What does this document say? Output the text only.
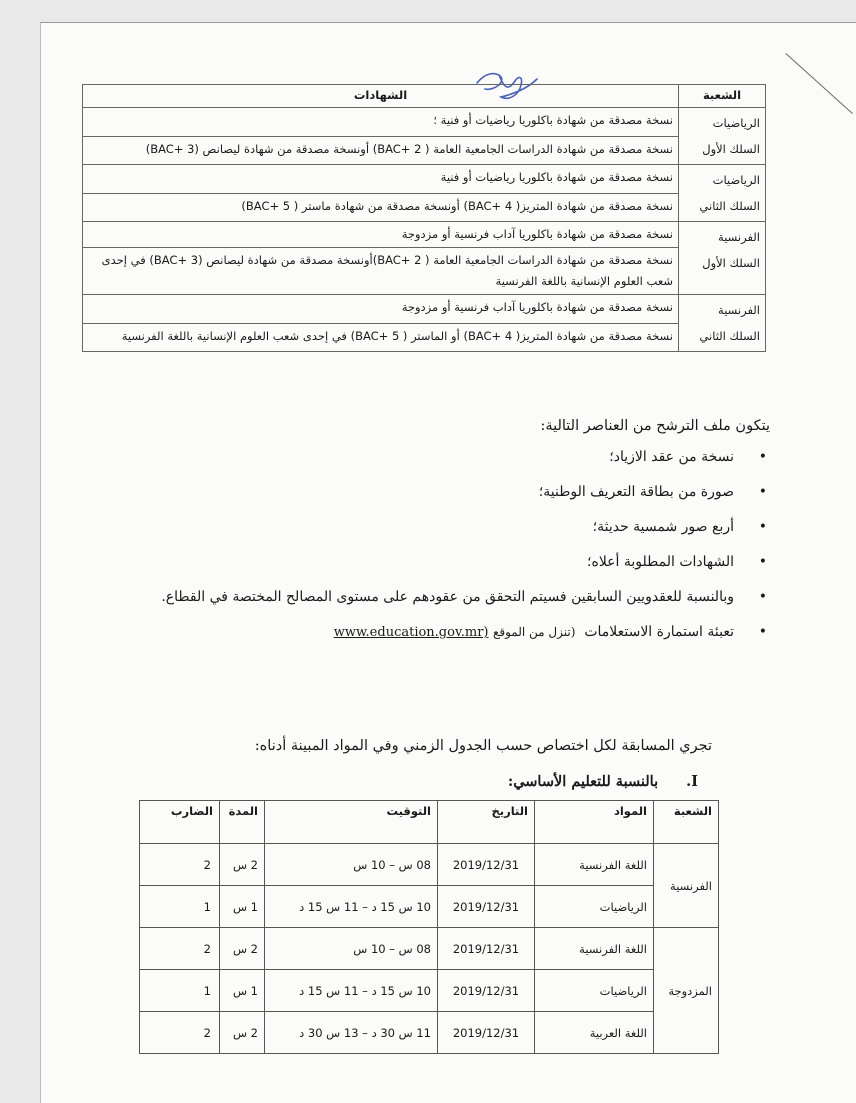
الشعبة	الشهادات
الرياضيات السلك الأول	نسخة مصدقة من شهادة باكلوريا رياضيات أو فنية ؛
	نسخة مصدقة من شهادة الدراسات الجامعية العامة ( BAC+ 2) أونسخة مصدقة من شهادة ليصانص (BAC+ 3)
الرياضيات السلك الثاني	نسخة مصدقة من شهادة باكلوريا رياضيات أو فنية
	نسخة مصدقة من شهادة المتريز( BAC+ 4) أونسخة مصدقة من شهادة ماستر ( BAC+ 5)
الفرنسية السلك الأول	نسخة مصدقة من شهادة باكلوريا آداب فرنسية أو مزدوجة
	نسخة مصدقة من شهادة الدراسات الجامعية العامة ( BAC+ 2)أونسخة مصدقة من شهادة ليصانص (BAC+ 3) في إحدى شعب العلوم الإنسانية باللغة الفرنسية
الفرنسية السلك الثاني	نسخة مصدقة من شهادة باكلوريا آداب فرنسية أو مزدوجة
	نسخة مصدقة من شهادة المتريز( BAC+ 4) أو الماستر ( BAC+ 5) في إحدى شعب العلوم الإنسانية باللغة الفرنسية

يتكون ملف الترشح من العناصر التالية:

•
نسخة من عقد الازياد؛
•
صورة من بطاقة التعريف الوطنية؛
•
أربع صور شمسية حديثة؛
•
الشهادات المطلوبة أعلاه؛
•
وبالنسبة للعقدويين السابقين فسيتم التحقق من عقودهم على مستوى المصالح المختصة في القطاع.
•
تعبئة استمارة الاستعلامات  (تنزل من الموقع www.education.gov.mr)
تجري المسابقة لكل اختصاص حسب الجدول الزمني وفي المواد المبينة أدناه:
I.بالنسبة للتعليم الأساسي:
الشعبة	المواد	التاريخ	التوقيت	المدة	الضارب
الفرنسية	اللغة الفرنسية	2019/12/31	08 س – 10 س	2 س	2
	الرياضيات	2019/12/31	10 س 15 د – 11 س 15 د	1 س	1
المزدوجة	اللغة الفرنسية	2019/12/31	08 س – 10 س	2 س	2
	الرياضيات	2019/12/31	10 س 15 د – 11 س 15 د	1 س	1
	اللغة العربية	2019/12/31	11 س 30 د – 13 س 30 د	2 س	2
